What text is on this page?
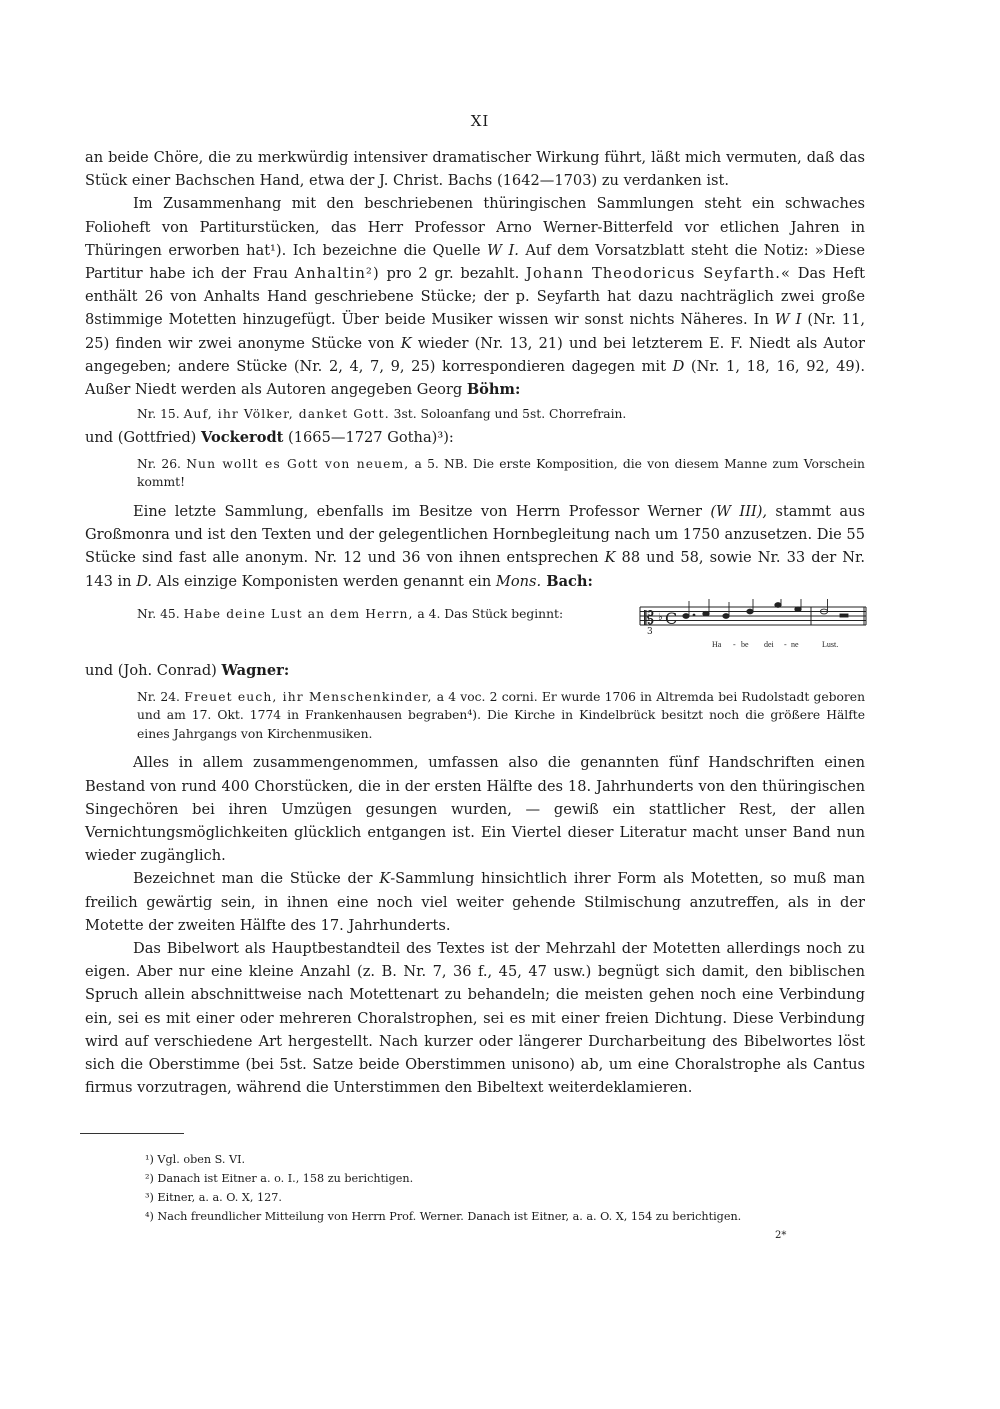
XI

an beide Chöre, die zu merkwürdig intensiver dramatischer Wirkung führt, läßt mich vermuten, daß das Stück einer Bachschen Hand, etwa der J. Christ. Bachs (1642—1703) zu verdanken ist.

Im Zusammenhang mit den beschriebenen thüringischen Sammlungen steht ein schwaches Folioheft von Partiturstücken, das Herr Professor Arno Werner-Bitterfeld vor etlichen Jahren in Thüringen erworben hat¹). Ich bezeichne die Quelle W I. Auf dem Vorsatzblatt steht die Notiz: »Diese Partitur habe ich der Frau Anhaltin²) pro 2 gr. bezahlt. Johann Theodoricus Seyfarth.« Das Heft enthält 26 von Anhalts Hand geschriebene Stücke; der p. Seyfarth hat dazu nachträglich zwei große 8stimmige Motetten hinzugefügt. Über beide Musiker wissen wir sonst nichts Näheres. In W I (Nr. 11, 25) finden wir zwei anonyme Stücke von K wieder (Nr. 13, 21) und bei letzterem E. F. Niedt als Autor angegeben; andere Stücke (Nr. 2, 4, 7, 9, 25) korrespondieren dagegen mit D (Nr. 1, 18, 16, 92, 49). Außer Niedt werden als Autoren angegeben Georg Böhm:

Nr. 15. Auf, ihr Völker, danket Gott. 3st. Soloanfang und 5st. Chorrefrain.

und (Gottfried) Vockerodt (1665—1727 Gotha)³):

Nr. 26. Nun wollt es Gott von neuem, a 5. NB. Die erste Komposition, die von diesem Manne zum Vorschein kommt!

Eine letzte Sammlung, ebenfalls im Besitze von Herrn Professor Werner (W III), stammt aus Großmonra und ist den Texten und der gelegentlichen Hornbegleitung nach um 1750 anzusetzen. Die 55 Stücke sind fast alle anonym. Nr. 12 und 36 von ihnen entsprechen K 88 und 58, sowie Nr. 33 der Nr. 143 in D. Als einzige Komponisten werden genannt ein Mons. Bach:

Nr. 45. Habe deine Lust an dem Herrn, a 4. Das Stück beginnt:	𝄡
3
♭ C
Ha - be dei - ne	Lust.

und (Joh. Conrad) Wagner:

Nr. 24. Freuet euch, ihr Menschenkinder, a 4 voc. 2 corni. Er wurde 1706 in Altremda bei Rudolstadt geboren und am 17. Okt. 1774 in Frankenhausen begraben⁴). Die Kirche in Kindelbrück besitzt noch die größere Hälfte eines Jahrgangs von Kirchenmusiken.

Alles in allem zusammengenommen, umfassen also die genannten fünf Handschriften einen Bestand von rund 400 Chorstücken, die in der ersten Hälfte des 18. Jahrhunderts von den thüringischen Singechören bei ihren Umzügen gesungen wurden, — gewiß ein stattlicher Rest, der allen Vernichtungsmöglichkeiten glücklich entgangen ist. Ein Viertel dieser Literatur macht unser Band nun wieder zugänglich.

Bezeichnet man die Stücke der K-Sammlung hinsichtlich ihrer Form als Motetten, so muß man freilich gewärtig sein, in ihnen eine noch viel weiter gehende Stilmischung anzutreffen, als in der Motette der zweiten Hälfte des 17. Jahrhunderts.

Das Bibelwort als Hauptbestandteil des Textes ist der Mehrzahl der Motetten allerdings noch zu eigen. Aber nur eine kleine Anzahl (z. B. Nr. 7, 36 f., 45, 47 usw.) begnügt sich damit, den biblischen Spruch allein abschnittweise nach Motettenart zu behandeln; die meisten gehen noch eine Verbindung ein, sei es mit einer oder mehreren Choralstrophen, sei es mit einer freien Dichtung. Diese Verbindung wird auf verschiedene Art hergestellt. Nach kurzer oder längerer Durcharbeitung des Bibelwortes löst sich die Oberstimme (bei 5st. Satze beide Oberstimmen unisono) ab, um eine Choralstrophe als Cantus firmus vorzutragen, während die Unterstimmen den Bibeltext weiterdeklamieren.

¹) Vgl. oben S. VI.
²) Danach ist Eitner a. o. I., 158 zu berichtigen.
³) Eitner, a. a. O. X, 127.
⁴) Nach freundlicher Mitteilung von Herrn Prof. Werner. Danach ist Eitner, a. a. O. X, 154 zu berichtigen.
2*
